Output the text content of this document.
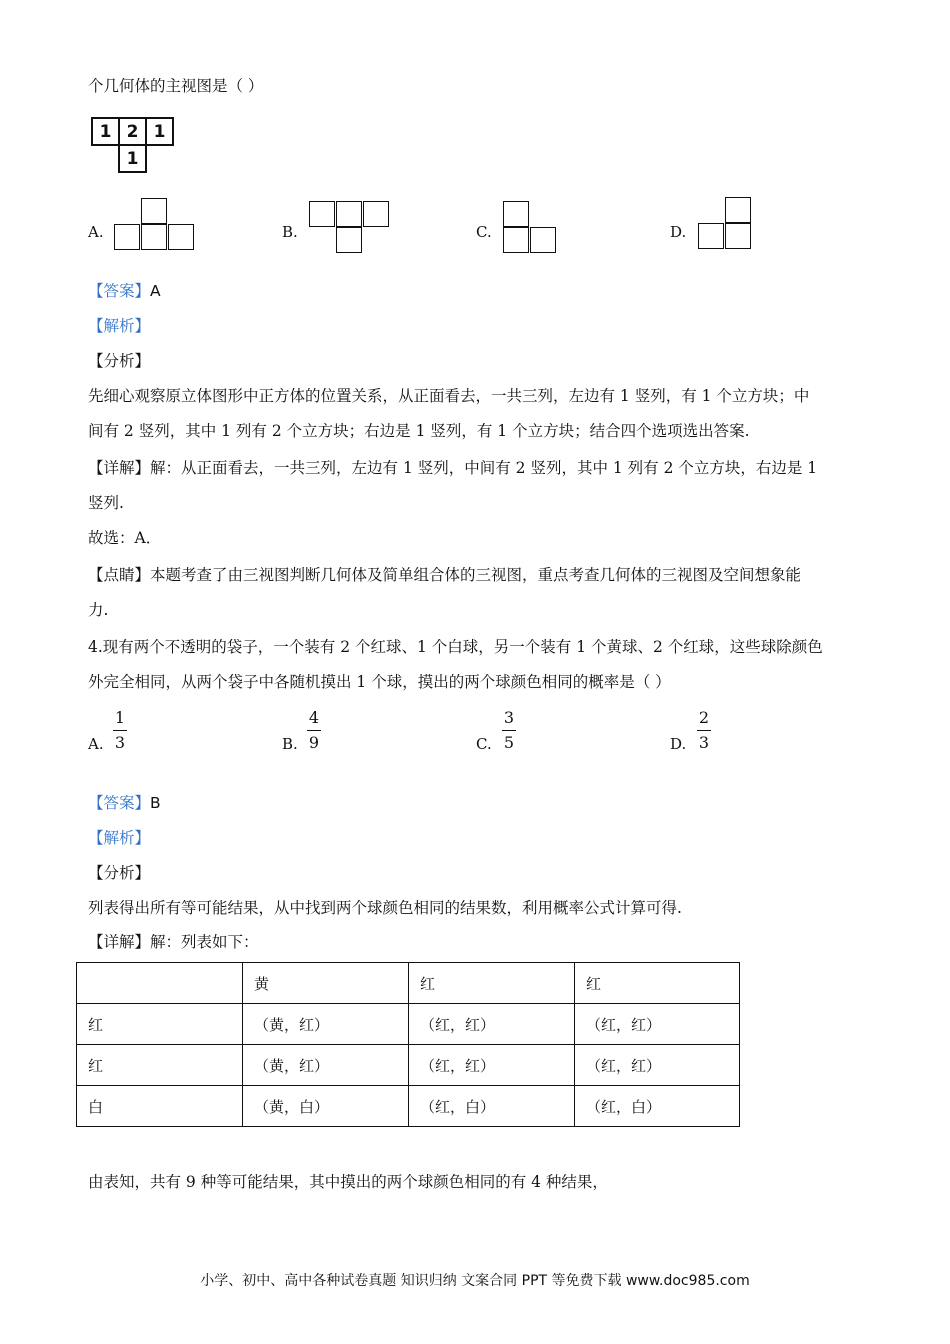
个几何体的主视图是（ ）
1 2 1
1
A.	B.	C.	D.
【答案】A
【解析】
【分析】
先细心观察原立体图形中正方体的位置关系，从正面看去，一共三列，左边有 1 竖列，有 1 个立方块；中
间有 2 竖列，其中 1 列有 2 个立方块；右边是 1 竖列，有 1 个立方块；结合四个选项选出答案.
【详解】解：从正面看去，一共三列，左边有 1 竖列，中间有 2 竖列，其中 1 列有 2 个立方块，右边是 1
竖列.
故选：A．
【点睛】本题考查了由三视图判断几何体及简单组合体的三视图，重点考查几何体的三视图及空间想象能
力.
4.现有两个不透明的袋子，一个装有 2 个红球、1 个白球，另一个装有 1 个黄球、2 个红球，这些球除颜色
外完全相同，从两个袋子中各随机摸出 1 个球，摸出的两个球颜色相同的概率是（ ）
A.
1
3	B.
4
9	C.
3
5	D.
2
3
【答案】B
【解析】
【分析】
列表得出所有等可能结果，从中找到两个球颜色相同的结果数，利用概率公式计算可得.
【详解】解：列表如下：
	黄	红	红
红	（黄，红）	（红，红）	（红，红）
红	（黄，红）	（红，红）	（红，红）
白	（黄，白）	（红，白）	（红，白）
由表知，共有 9 种等可能结果，其中摸出的两个球颜色相同的有 4 种结果，
小学、初中、高中各种试卷真题 知识归纳 文案合同 PPT 等免费下载 www.doc985.com
